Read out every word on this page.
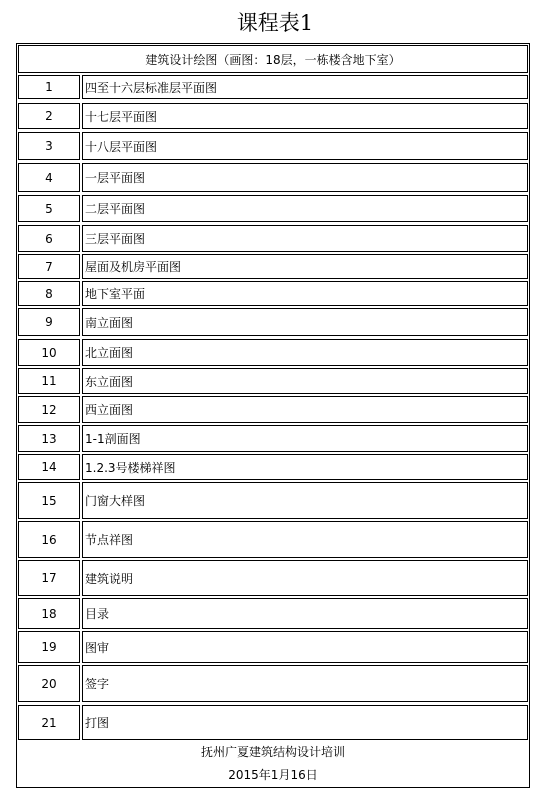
课程表1
建筑设计绘图（画图：18层，一栋楼含地下室）
1	四至十六层标准层平面图
2	十七层平面图
3	十八层平面图
4	一层平面图
5	二层平面图
6	三层平面图
7	屋面及机房平面图
8	地下室平面
9	南立面图
10	北立面图
11	东立面图
12	西立面图
13	1-1剖面图
14	1.2.3号楼梯祥图
15	门窗大样图
16	节点祥图
17	建筑说明
18	目录
19	图审
20	签字
21	打图
抚州广夏建筑结构设计培训
2015年1月16日
